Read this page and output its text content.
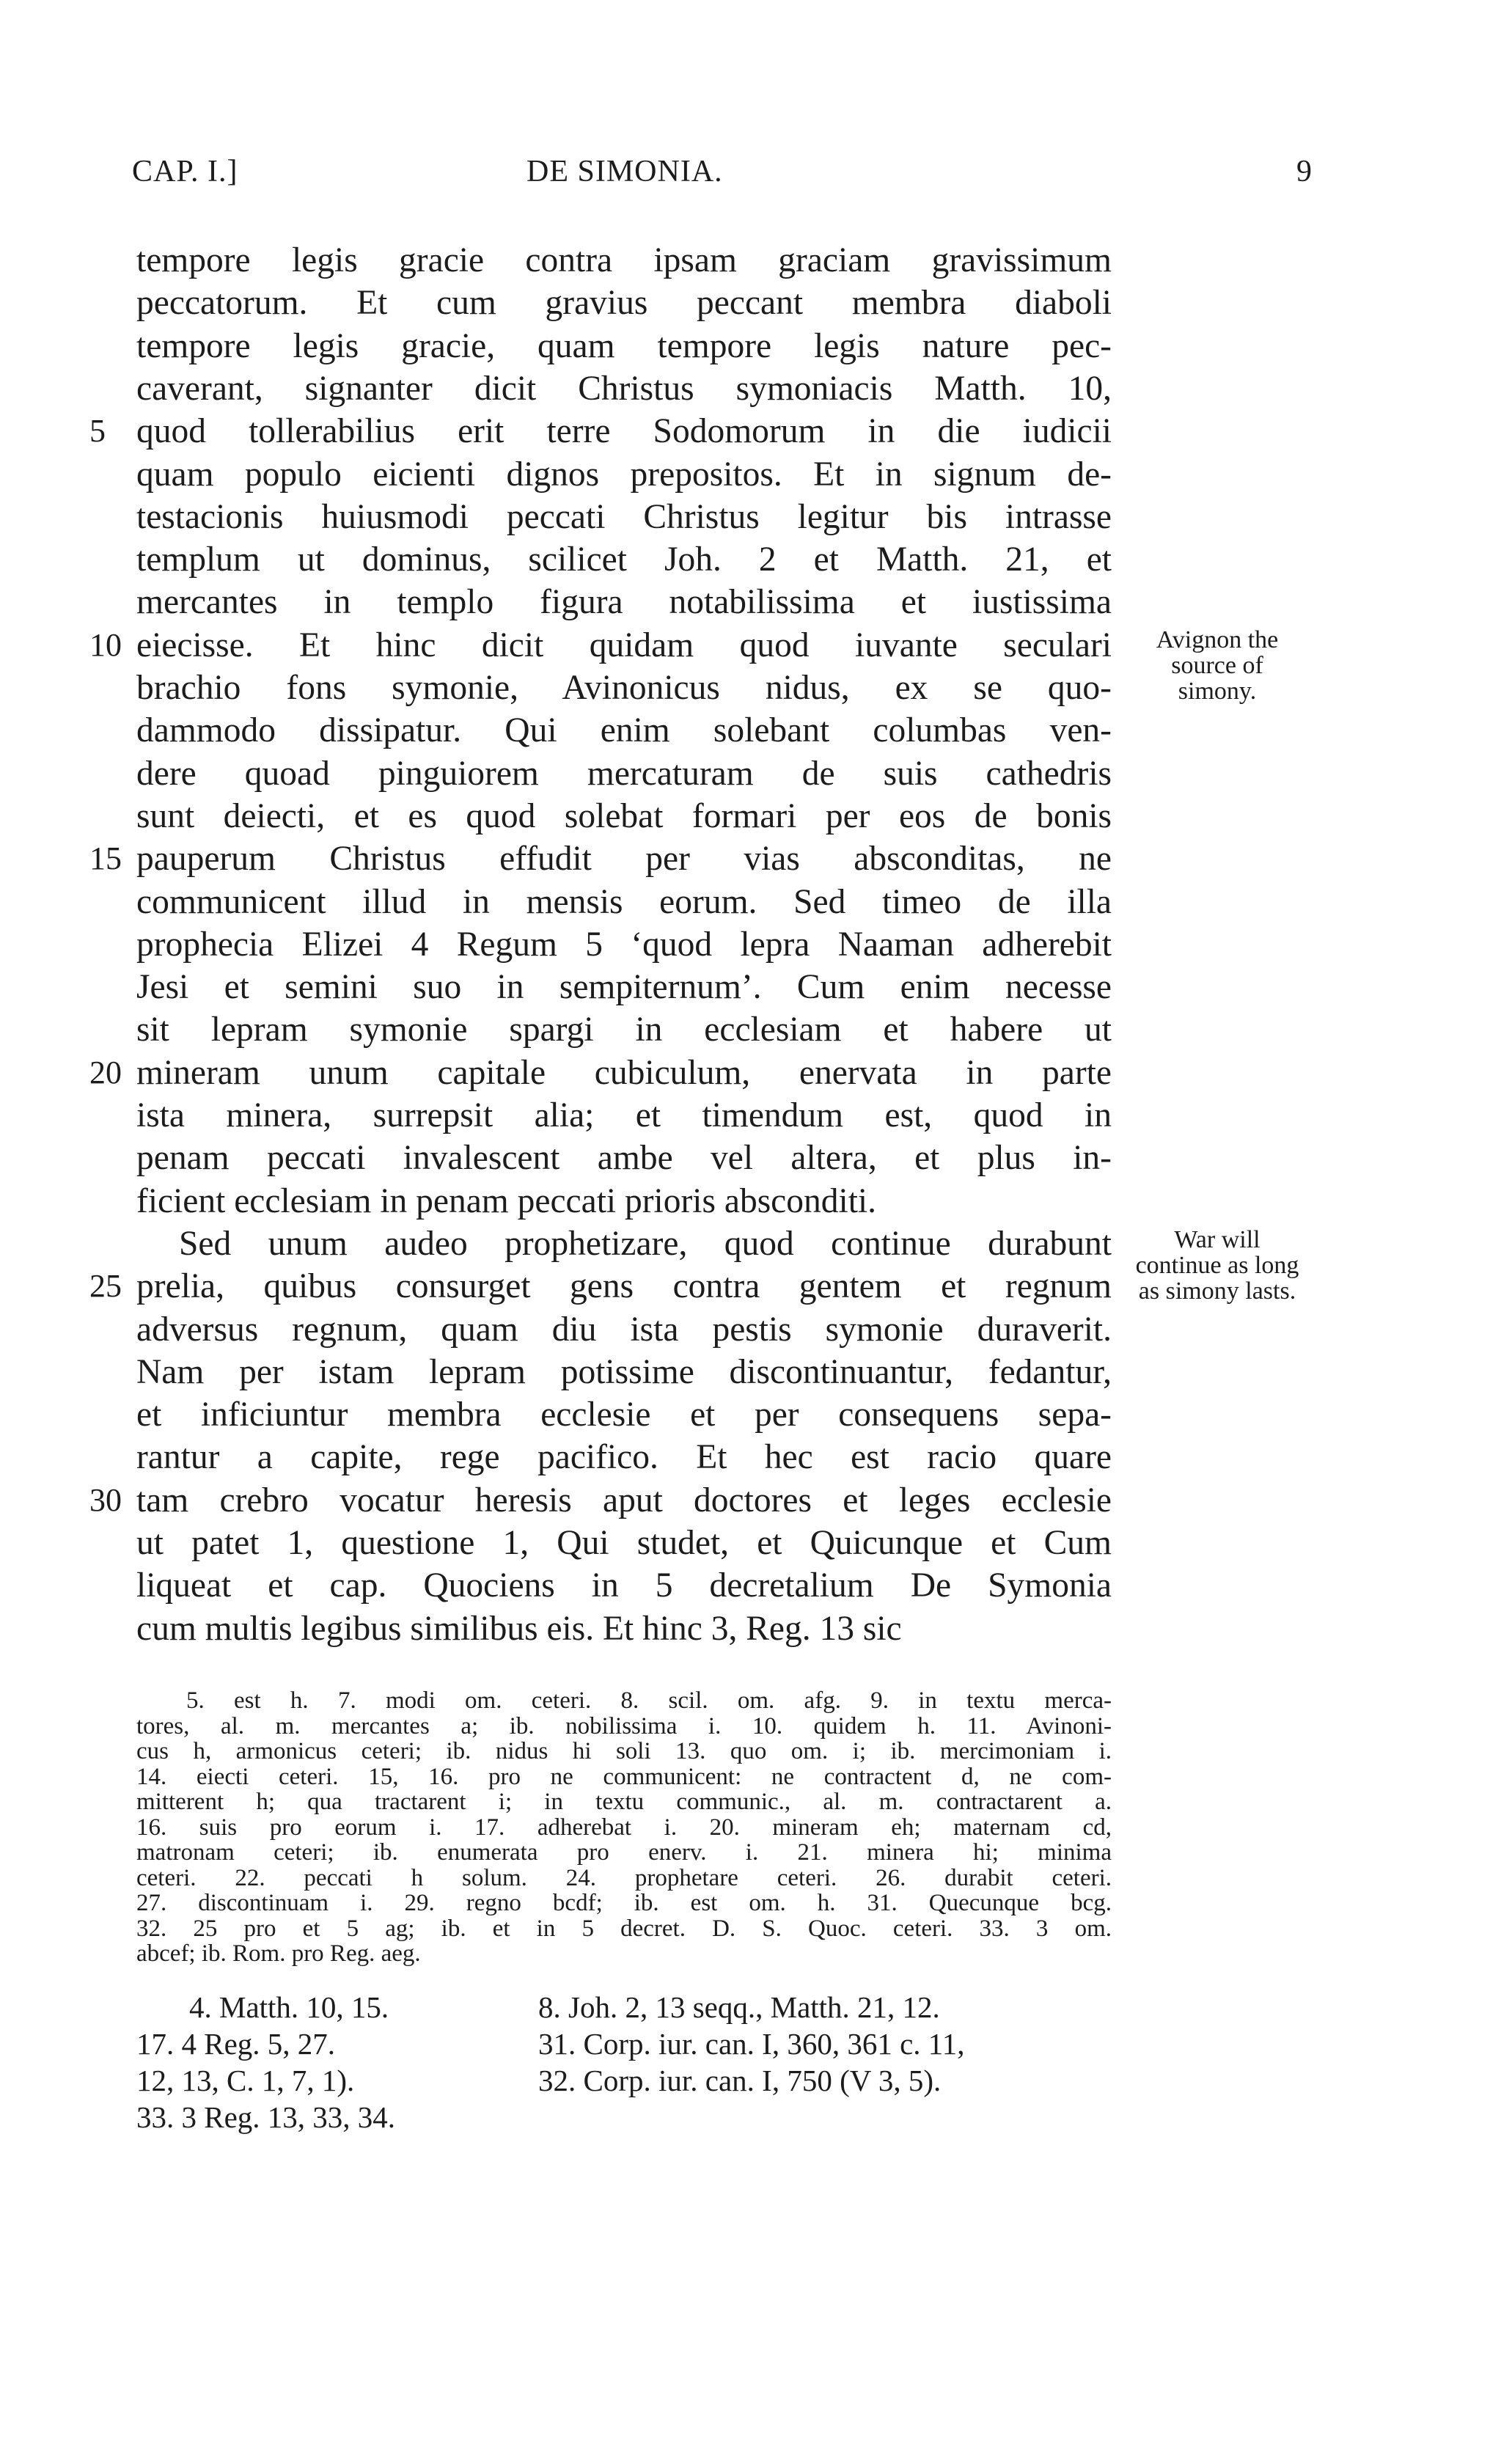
CAP. I.]	DE SIMONIA.	9
Avignon the
source of
simony.
War will
continue as long
as simony lasts.
tempore legis gracie contra ipsam graciam gravissimum
peccatorum. Et cum gravius peccant membra diaboli
tempore legis gracie, quam tempore legis nature pec-
caverant, signanter dicit Christus symoniacis Matth. 10,
5 quod tollerabilius erit terre Sodomorum in die iudicii
quam populo eicienti dignos prepositos. Et in signum de-
testacionis huiusmodi peccati Christus legitur bis intrasse
templum ut dominus, scilicet Joh. 2 et Matth. 21, et
mercantes in templo figura notabilissima et iustissima
10 eiecisse. Et hinc dicit quidam quod iuvante seculari
brachio fons symonie, Avinonicus nidus, ex se quo-
dammodo dissipatur. Qui enim solebant columbas ven-
dere quoad pinguiorem mercaturam de suis cathedris
sunt deiecti, et es quod solebat formari per eos de bonis
15 pauperum Christus effudit per vias absconditas, ne
communicent illud in mensis eorum. Sed timeo de illa
prophecia Elizei 4 Regum 5 ‘quod lepra Naaman adherebit
Jesi et semini suo in sempiternum’. Cum enim necesse
sit lepram symonie spargi in ecclesiam et habere ut
20 mineram unum capitale cubiculum, enervata in parte
ista minera, surrepsit alia; et timendum est, quod in
penam peccati invalescent ambe vel altera, et plus in-
ficient ecclesiam in penam peccati prioris absconditi.
Sed unum audeo prophetizare, quod continue durabunt
25 prelia, quibus consurget gens contra gentem et regnum
adversus regnum, quam diu ista pestis symonie duraverit.
Nam per istam lepram potissime discontinuantur, fedantur,
et inficiuntur membra ecclesie et per consequens sepa-
rantur a capite, rege pacifico. Et hec est racio quare
30 tam crebro vocatur heresis aput doctores et leges ecclesie
ut patet 1, questione 1, Qui studet, et Quicunque et Cum
liqueat et cap. Quociens in 5 decretalium De Symonia
cum multis legibus similibus eis. Et hinc 3, Reg. 13 sic
5. est h. 7. modi om. ceteri. 8. scil. om. afg. 9. in textu merca-
tores, al. m. mercantes a; ib. nobilissima i. 10. quidem h. 11. Avinoni-
cus h, armonicus ceteri; ib. nidus hi soli 13. quo om. i; ib. mercimoniam i.
14. eiecti ceteri. 15, 16. pro ne communicent: ne contractent d, ne com-
mitterent h; qua tractarent i; in textu communic., al. m. contractarent a.
16. suis pro eorum i. 17. adherebat i. 20. mineram eh; maternam cd,
matronam ceteri; ib. enumerata pro enerv. i. 21. minera hi; minima
ceteri. 22. peccati h solum. 24. prophetare ceteri. 26. durabit ceteri.
27. discontinuam i. 29. regno bcdf; ib. est om. h. 31. Quecunque bcg.
32. 25 pro et 5 ag; ib. et in 5 decret. D. S. Quoc. ceteri. 33. 3 om.
abcef; ib. Rom. pro Reg. aeg.
4. Matth. 10, 15.	8. Joh. 2, 13 seqq., Matth. 21, 12.
17. 4 Reg. 5, 27.	31. Corp. iur. can. I, 360, 361 c. 11,
12, 13, C. 1, 7, 1).	32. Corp. iur. can. I, 750 (V 3, 5).
33. 3 Reg. 13, 33, 34.
